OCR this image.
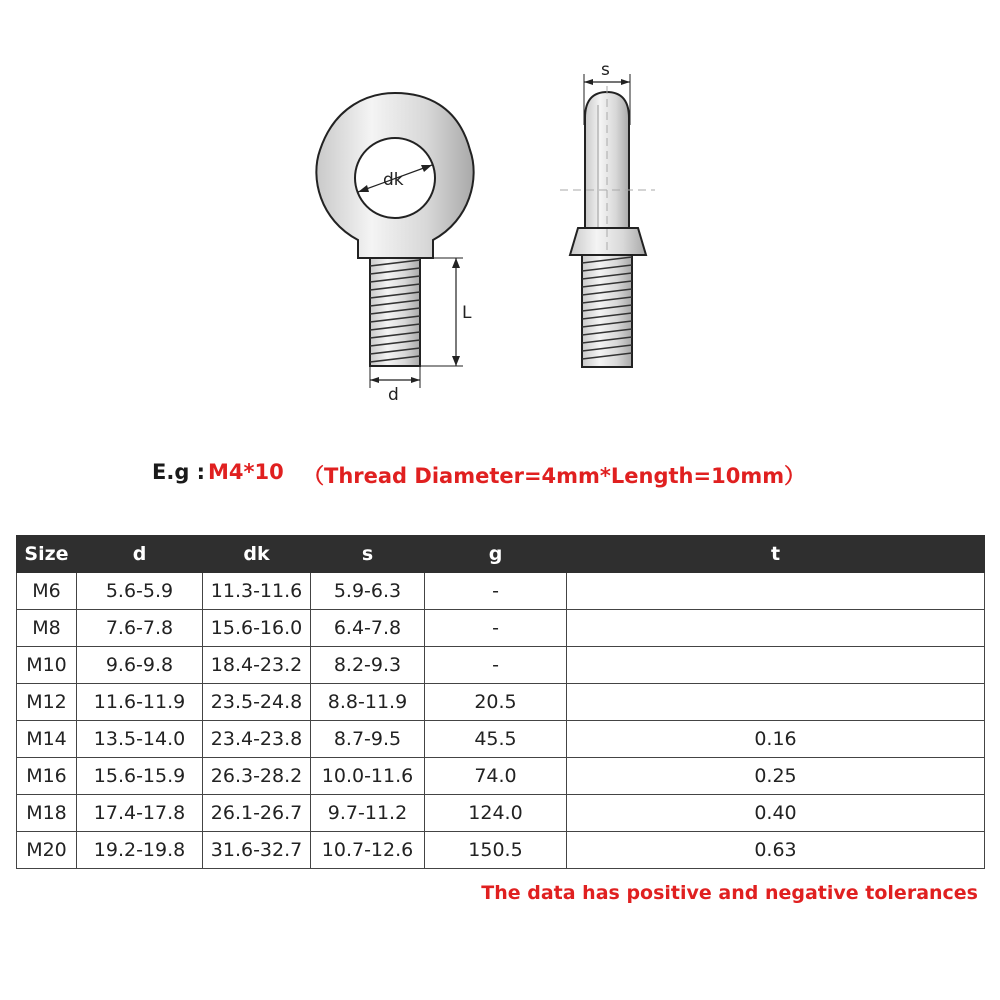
dk
L
d
s
E.g : M4*10 （Thread Diameter=4mm*Length=10mm）
Size	d	dk	s	g	t
M6	5.6-5.9	11.3-11.6	5.9-6.3	-	
M8	7.6-7.8	15.6-16.0	6.4-7.8	-	
M10	9.6-9.8	18.4-23.2	8.2-9.3	-	
M12	11.6-11.9	23.5-24.8	8.8-11.9	20.5	
M14	13.5-14.0	23.4-23.8	8.7-9.5	45.5	0.16
M16	15.6-15.9	26.3-28.2	10.0-11.6	74.0	0.25
M18	17.4-17.8	26.1-26.7	9.7-11.2	124.0	0.40
M20	19.2-19.8	31.6-32.7	10.7-12.6	150.5	0.63
The data has positive and negative tolerances
